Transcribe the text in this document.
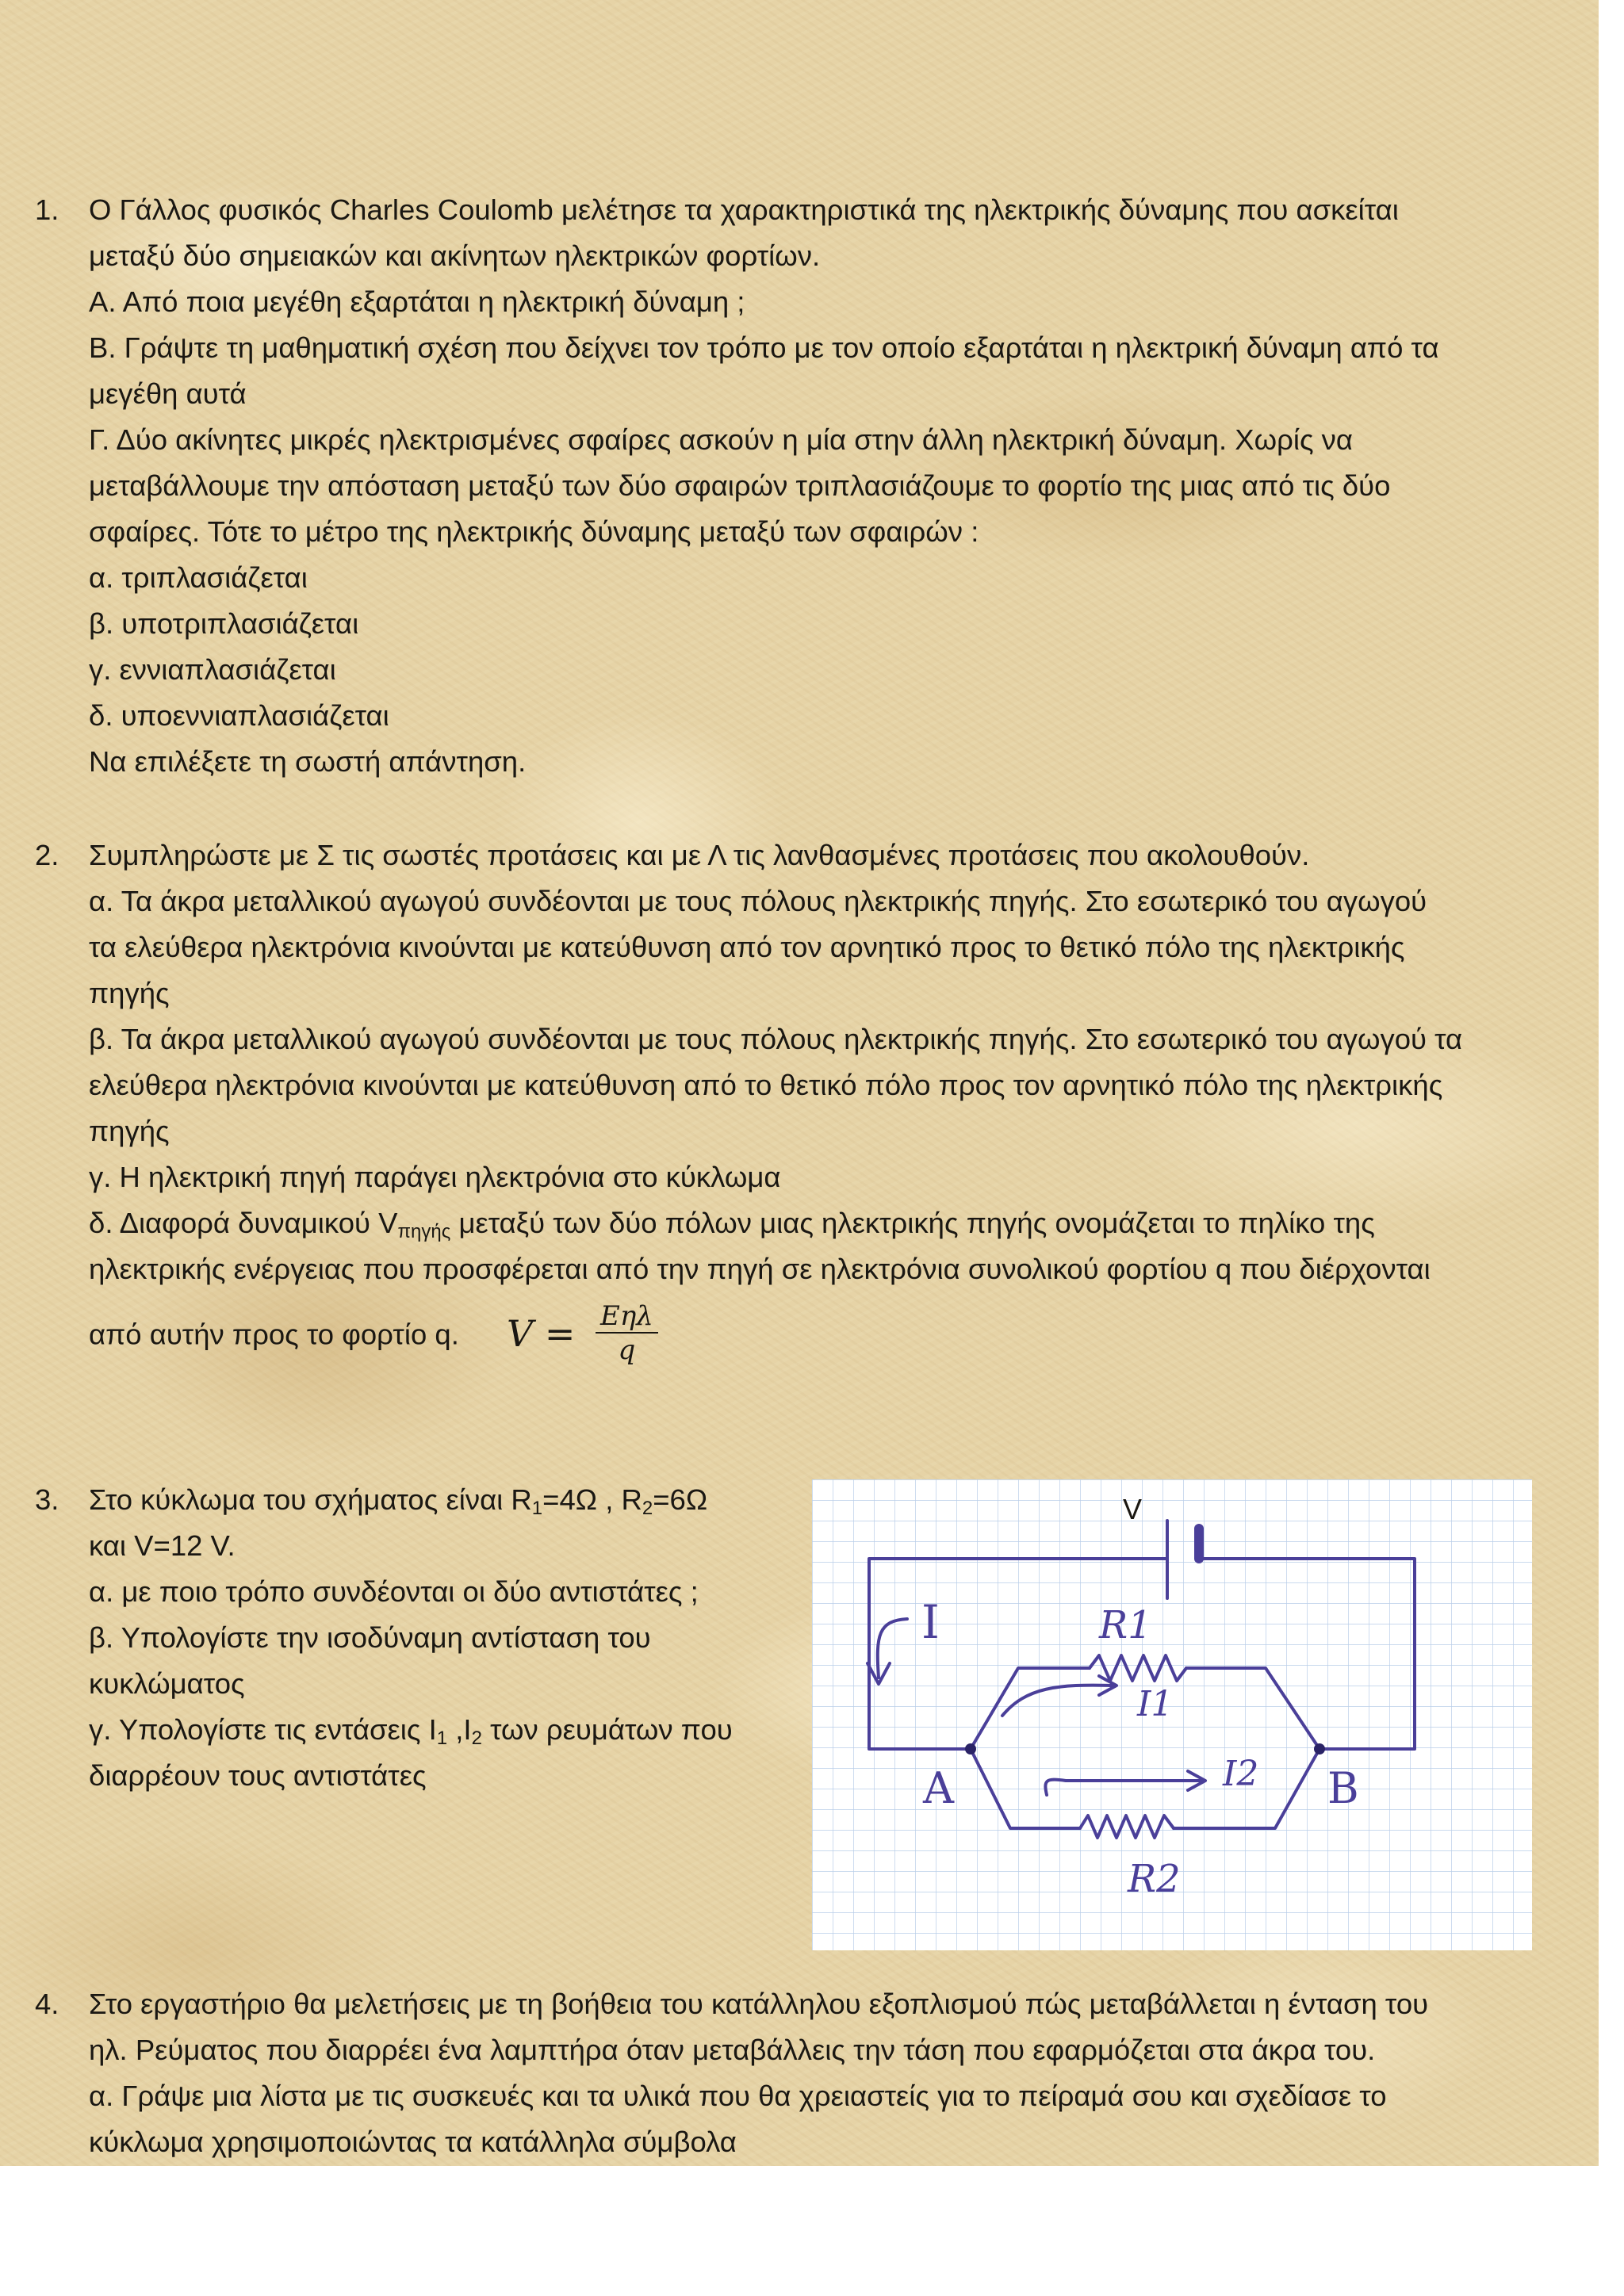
1.	Ο Γάλλος φυσικός Charles Coulomb μελέτησε τα χαρακτηριστικά της ηλεκτρικής δύναμης που ασκείται
μεταξύ δύο σημειακών και ακίνητων ηλεκτρικών φορτίων.
Α. Από ποια μεγέθη εξαρτάται η ηλεκτρική δύναμη ;
Β. Γράψτε τη μαθηματική σχέση που δείχνει τον τρόπο με τον οποίο εξαρτάται η ηλεκτρική δύναμη από τα
μεγέθη αυτά
Γ. Δύο ακίνητες μικρές ηλεκτρισμένες σφαίρες ασκούν η μία στην άλλη ηλεκτρική δύναμη. Χωρίς να
μεταβάλλουμε την απόσταση μεταξύ των δύο σφαιρών τριπλασιάζουμε το φορτίο της μιας από τις δύο
σφαίρες. Τότε το μέτρο της ηλεκτρικής δύναμης μεταξύ των σφαιρών :
α. τριπλασιάζεται
β. υποτριπλασιάζεται
γ. εννιαπλασιάζεται
δ. υποεννιαπλασιάζεται
Να επιλέξετε τη σωστή απάντηση.
2.	Συμπληρώστε με Σ τις σωστές προτάσεις και με Λ τις λανθασμένες προτάσεις που ακολουθούν.
α. Τα άκρα μεταλλικού αγωγού συνδέονται με τους πόλους ηλεκτρικής πηγής. Στο εσωτερικό του αγωγού
τα ελεύθερα ηλεκτρόνια κινούνται με κατεύθυνση από τον αρνητικό προς το θετικό πόλο της ηλεκτρικής
πηγής
β. Τα άκρα μεταλλικού αγωγού συνδέονται με τους πόλους ηλεκτρικής πηγής. Στο εσωτερικό του αγωγού τα
ελεύθερα ηλεκτρόνια κινούνται με κατεύθυνση από το θετικό πόλο προς τον αρνητικό πόλο της ηλεκτρικής
πηγής
γ. Η ηλεκτρική πηγή παράγει ηλεκτρόνια στο κύκλωμα
δ. Διαφορά δυναμικού $V_{\pi\eta\gamma ή\varsigma}$ μεταξύ των δύο πόλων μιας ηλεκτρικής πηγής ονομάζεται το πηλίκο της
ηλεκτρικής ενέργειας που προσφέρεται από την πηγή σε ηλεκτρόνια συνολικού φορτίου q που διέρχονται
από αυτήν προς το φορτίο q. $V = \frac{\text{Eηλ}}{q}$
3.	Στο κύκλωμα του σχήματος είναι $R_1=4\Omega$ , $R_2=6\Omega$
και V=12 V.
α. με ποιο τρόπο συνδέονται οι δύο αντιστάτες ;
β. Υπολογίστε την ισοδύναμη αντίσταση του
κυκλώματος
γ. Υπολογίστε τις εντάσεις $I_1$ $,I_2$ των ρευμάτων που
διαρρέουν τους αντιστάτες
V
I	R1
I1
I2
A	B
R2
4.	Στο εργαστήριο θα μελετήσεις με τη βοήθεια του κατάλληλου εξοπλισμού πώς μεταβάλλεται η ένταση του
ηλ. Ρεύματος που διαρρέει ένα λαμπτήρα όταν μεταβάλλεις την τάση που εφαρμόζεται στα άκρα του.
α. Γράψε μια λίστα με τις συσκευές και τα υλικά που θα χρειαστείς για το πείραμά σου και σχεδίασε το
κύκλωμα χρησιμοποιώντας τα κατάλληλα σύμβολα
